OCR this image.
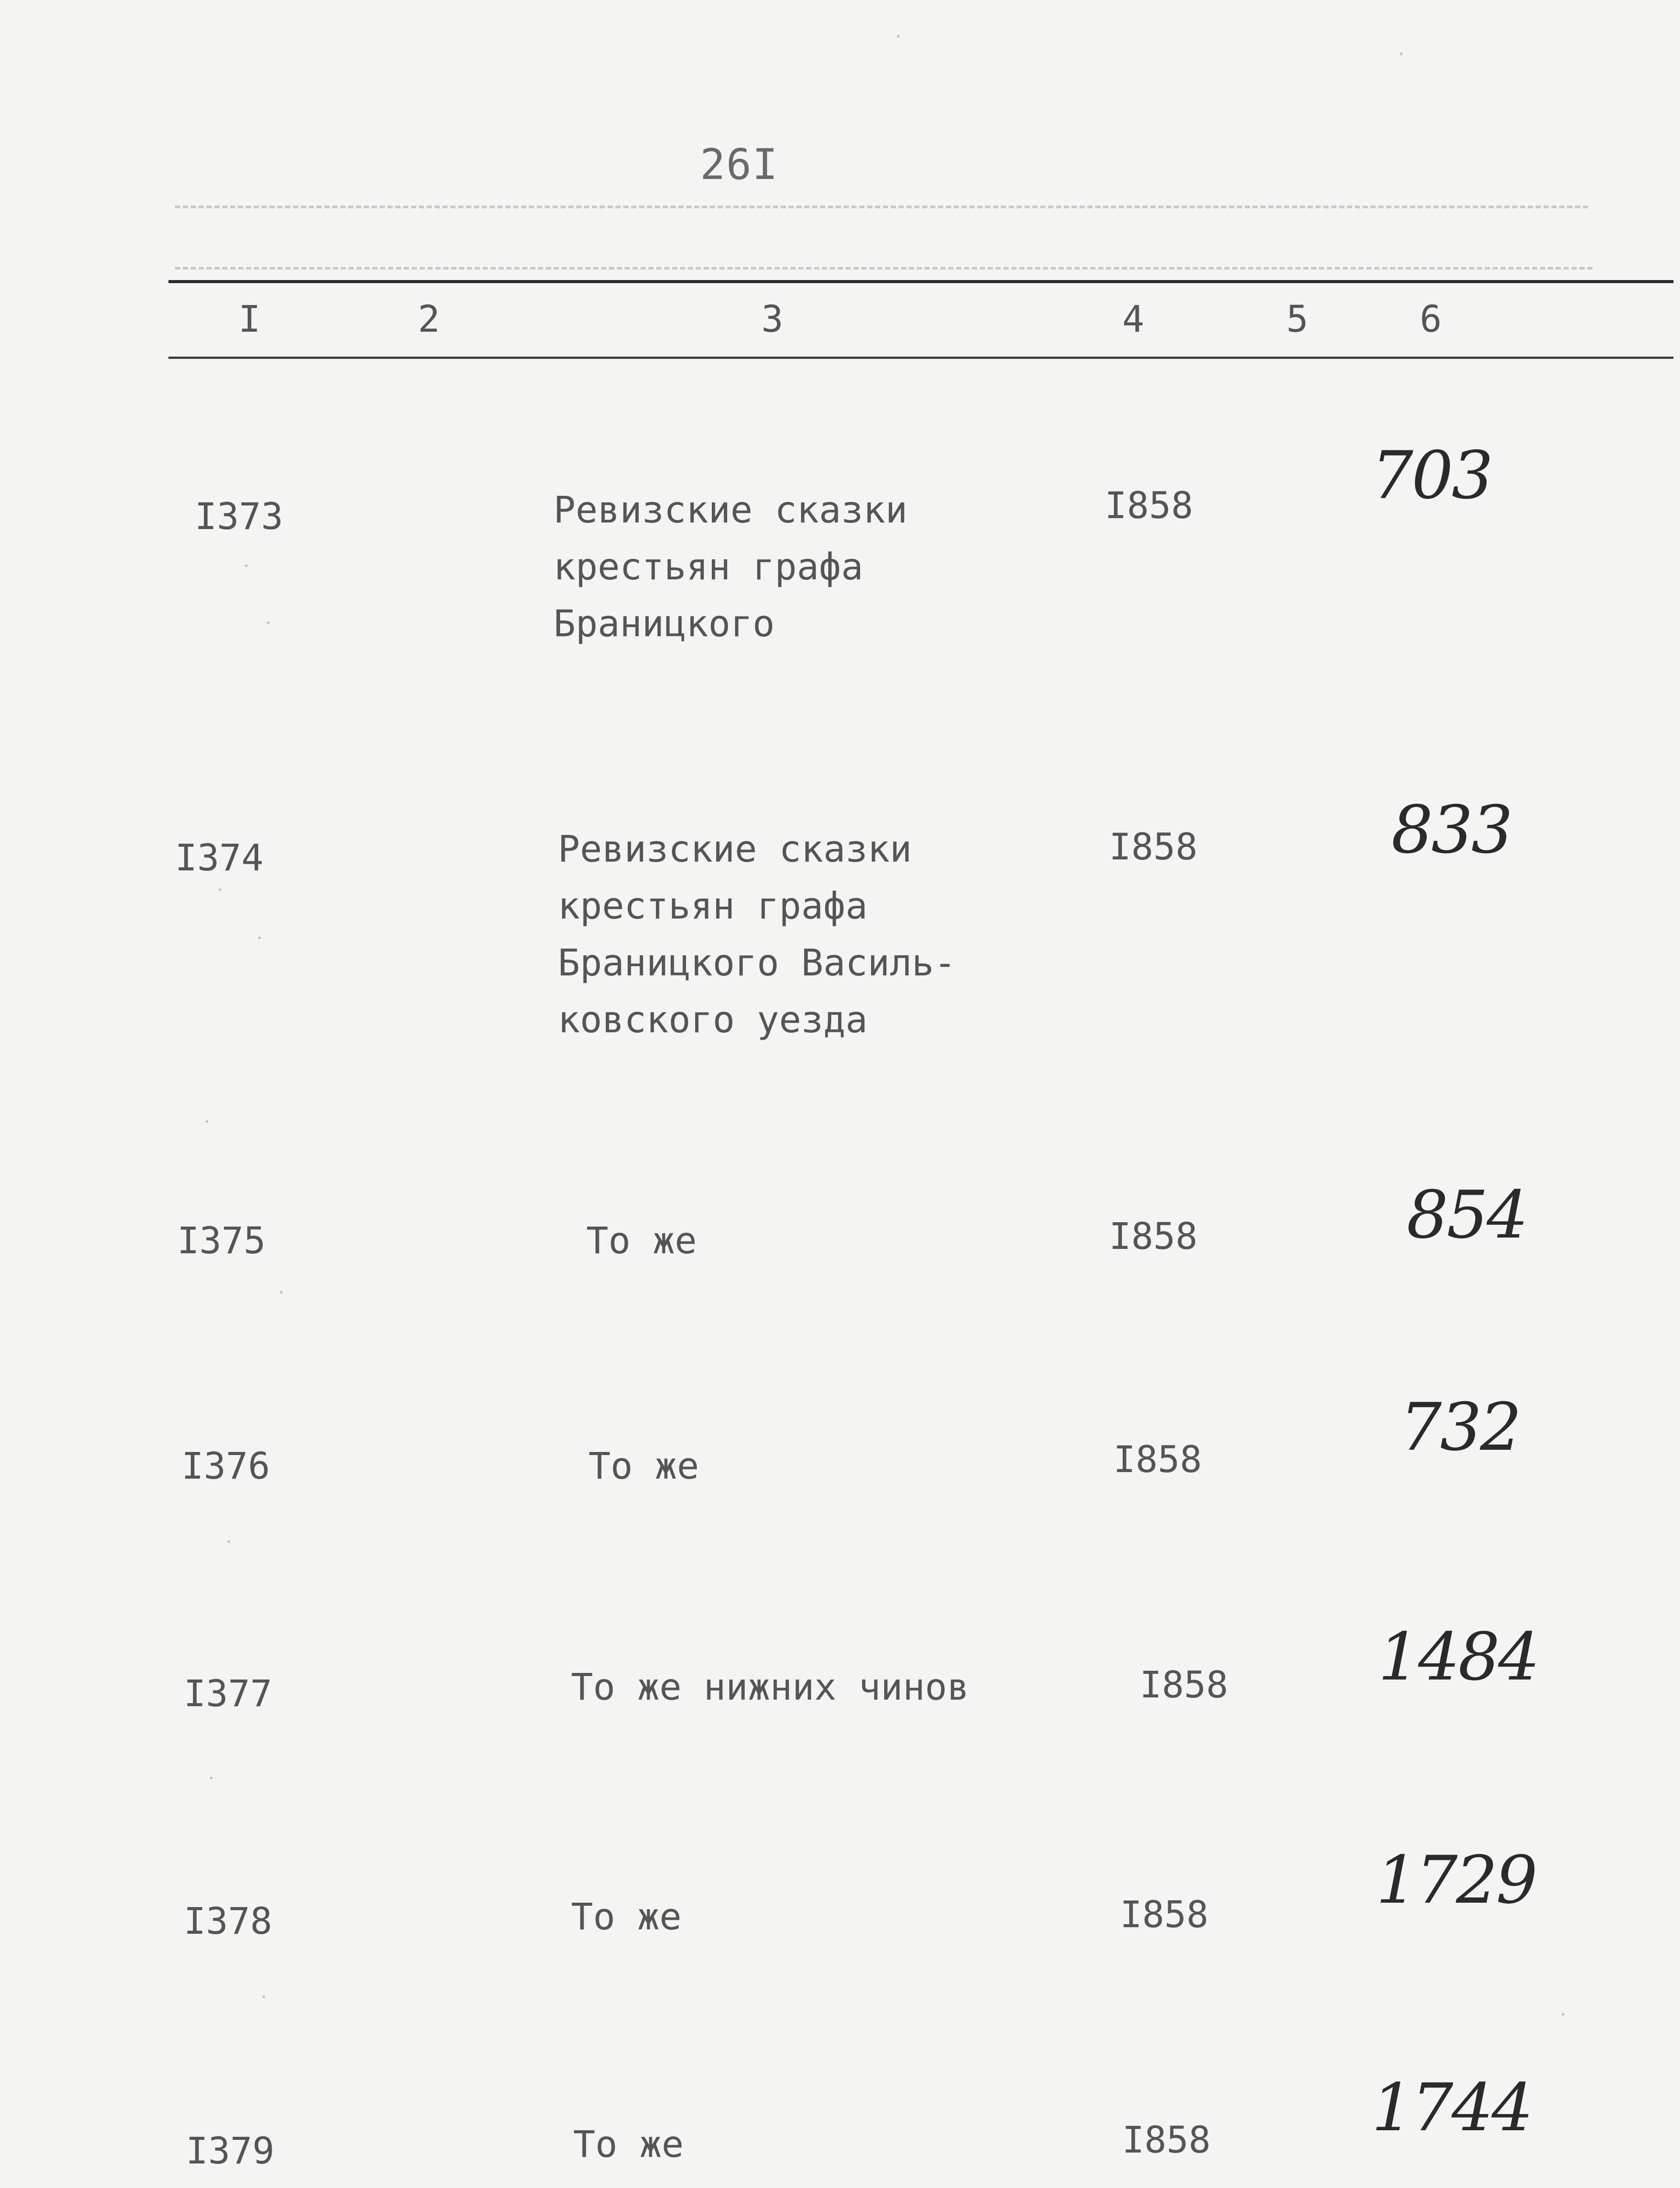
26I
I	2	3	4	5	6
I373	Ревизские сказки
крестьян графа
Браницкого
I858	703
I374	Ревизские сказки
крестьян графа
Браницкого Василь-
ковского уезда
I858	833
I375	То же	I858	854
I376	То же	I858	732
I377	То же нижних чинов	I858 1484
I378	То же	I858	1729
I379	То же	I858 1744
